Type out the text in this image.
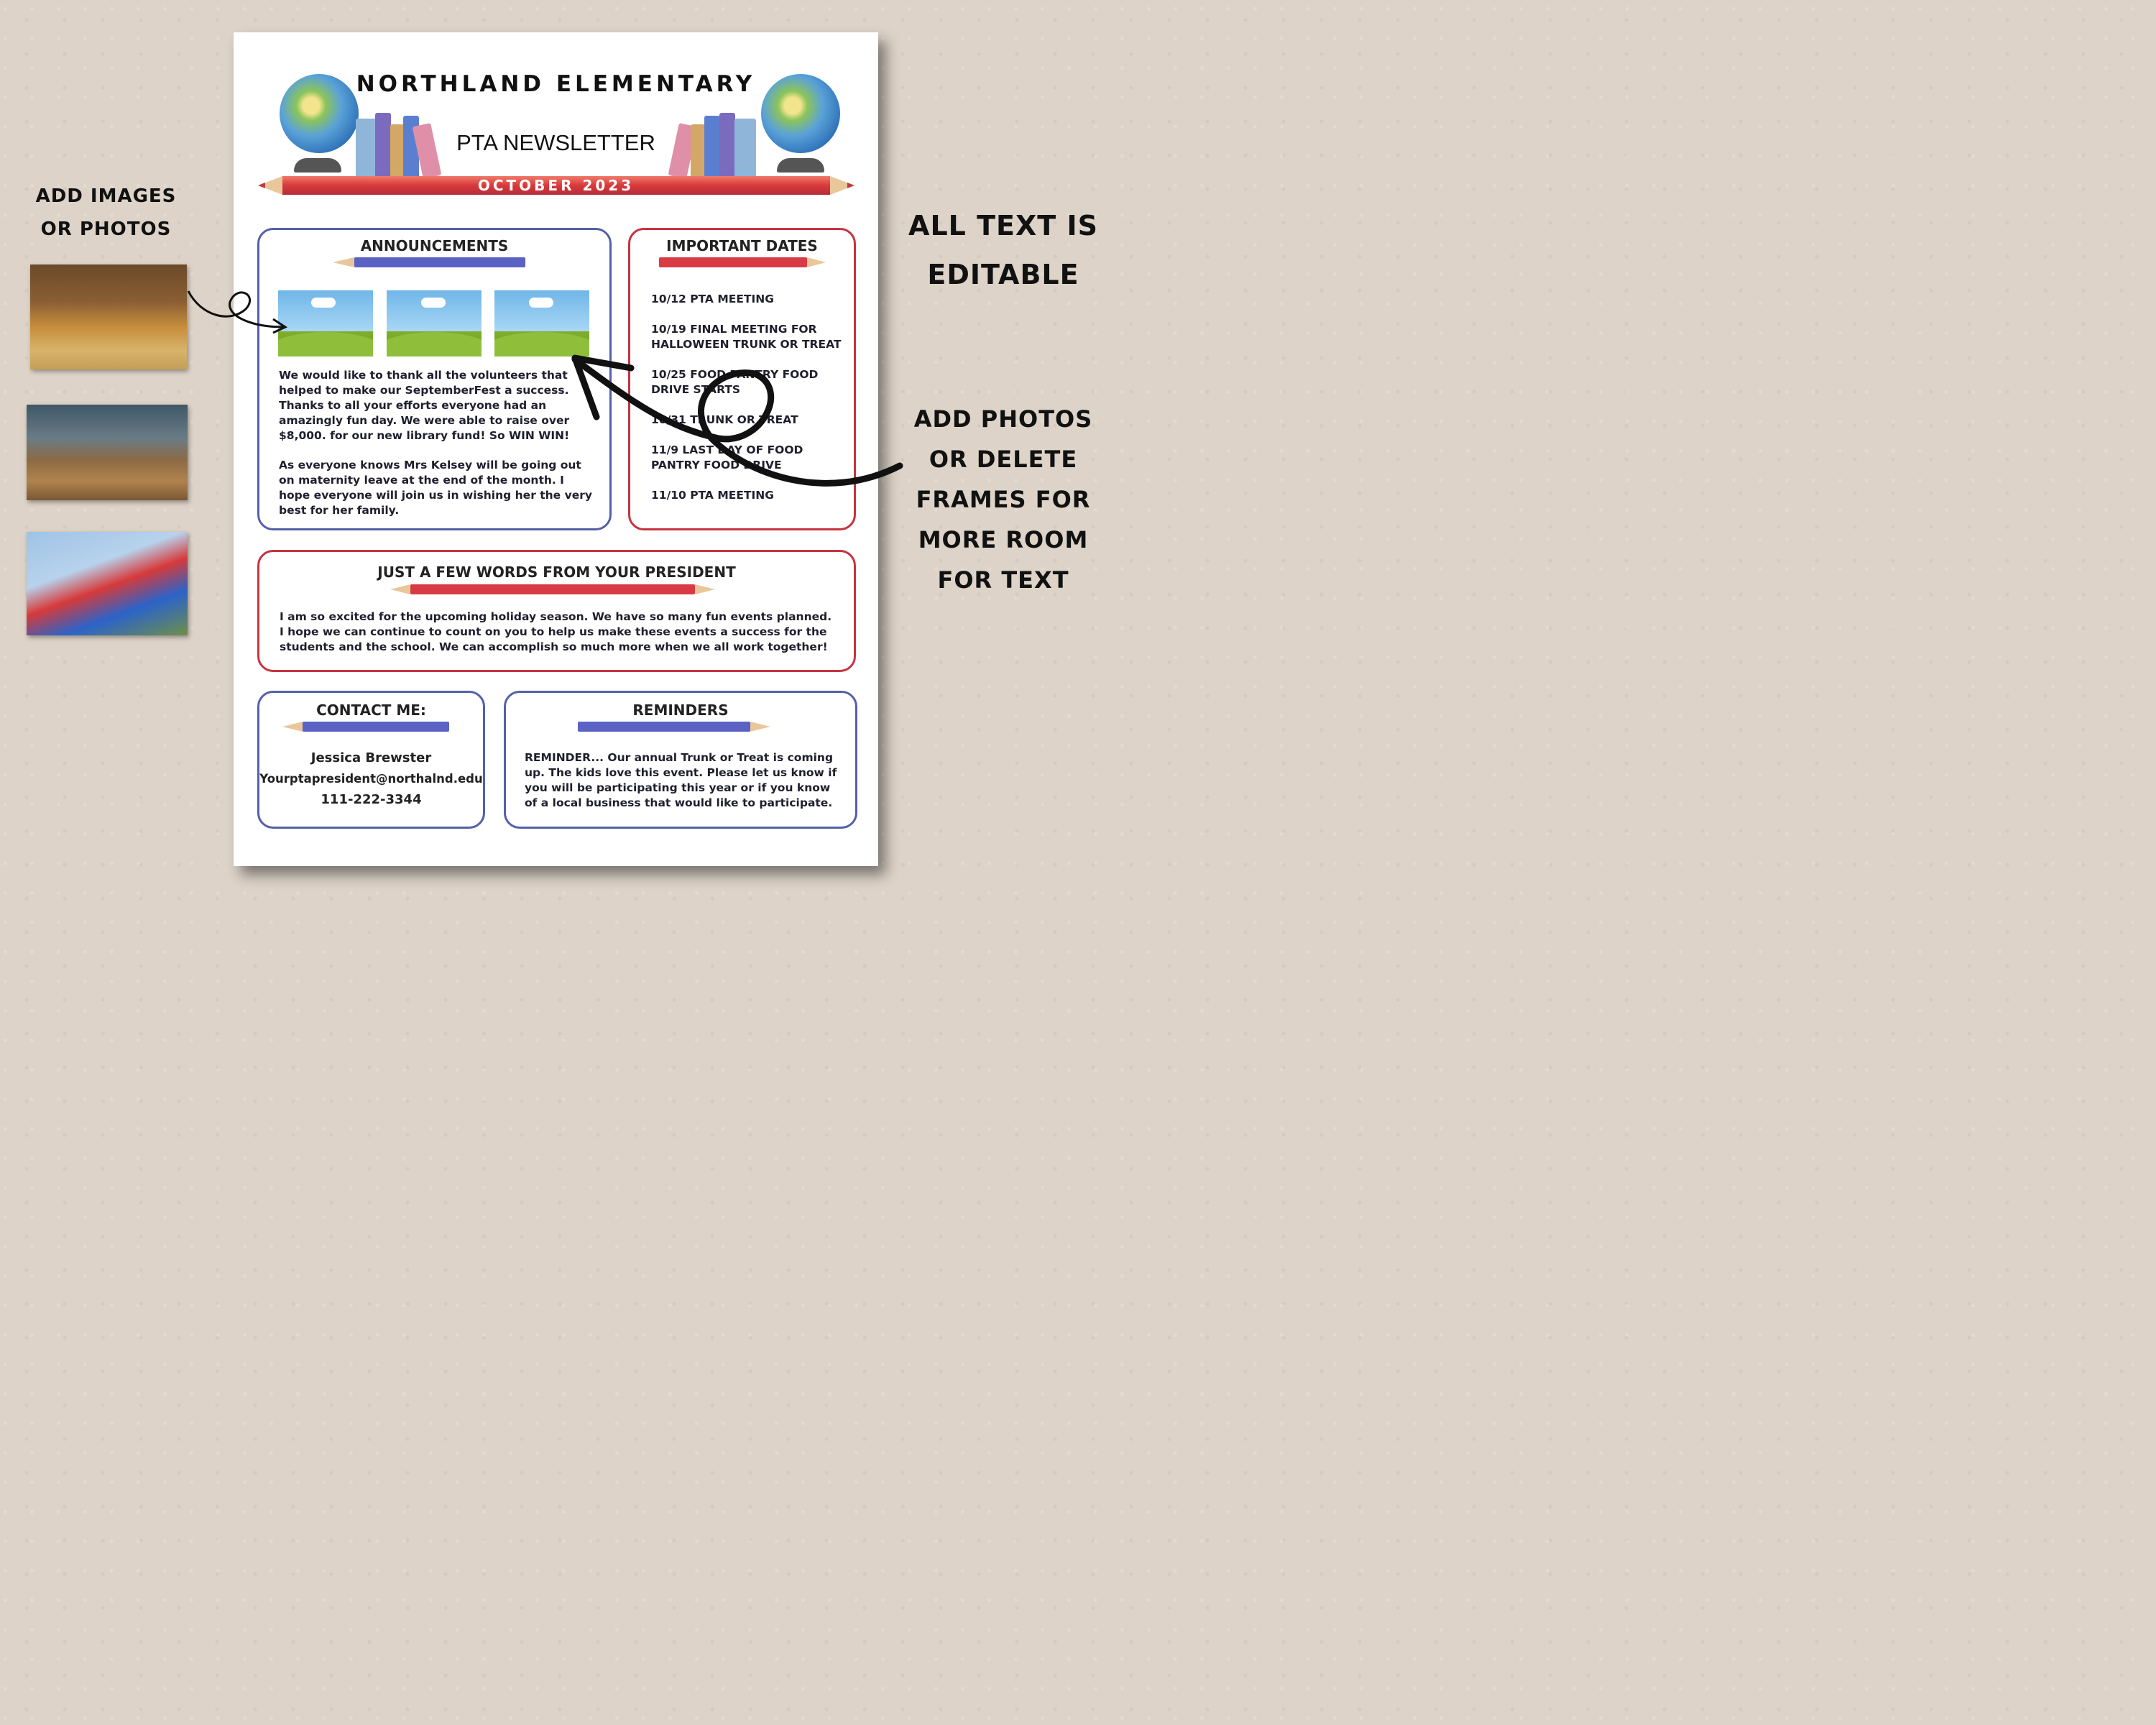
ADD IMAGES OR PHOTOS	ALL TEXT IS EDITABLE
ADD PHOTOS OR DELETE FRAMES FOR MORE ROOM FOR TEXT
NORTHLAND ELEMENTARY
PTA NEWSLETTER
OCTOBER 2023
ANNOUNCEMENTS
We would like to thank all the volunteers that helped to make our SeptemberFest a success. Thanks to all your efforts everyone had an amazingly fun day. We were able to raise over $8,000. for our new library fund! So WIN WIN!
As everyone knows Mrs Kelsey will be going out on maternity leave at the end of the month. I hope everyone will join us in wishing her the very best for her family.
IMPORTANT DATES
10/12 PTA MEETING
10/19 FINAL MEETING FOR HALLOWEEN TRUNK OR TREAT
10/25 FOOD PANTRY FOOD DRIVE STARTS
10/31 TRUNK OR TREAT
11/9 LAST DAY OF FOOD PANTRY FOOD DRIVE
11/10 PTA MEETING
JUST A FEW WORDS FROM YOUR PRESIDENT
I am so excited for the upcoming holiday season. We have so many fun events planned. I hope we can continue to count on you to help us make these events a success for the students and the school. We can accomplish so much more when we all work together!
CONTACT ME:
Jessica Brewster
Yourptapresident@northalnd.edu
111-222-3344
REMINDERS
REMINDER... Our annual Trunk or Treat is coming up. The kids love this event. Please let us know if you will be participating this year or if you know of a local business that would like to participate.
